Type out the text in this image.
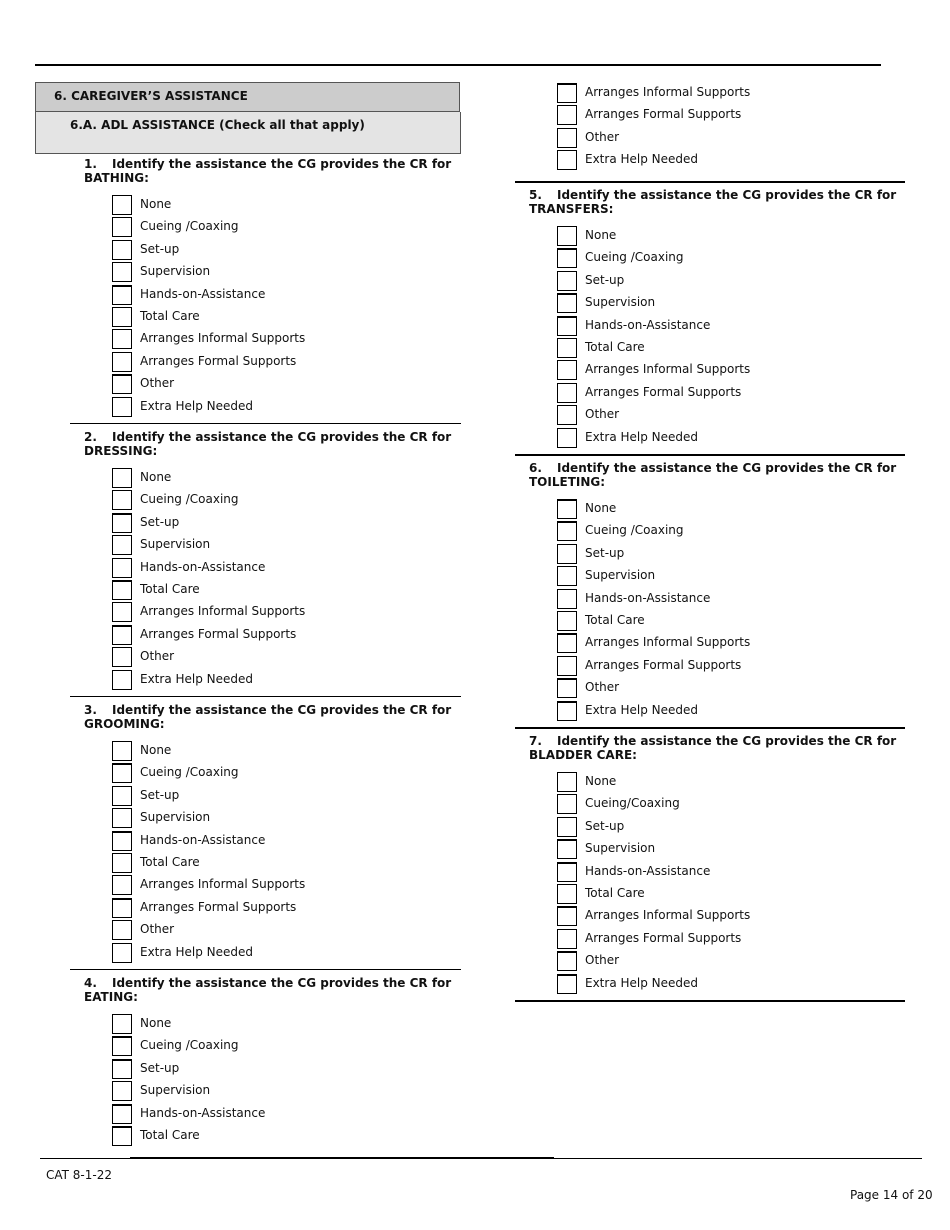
6. CAREGIVER’S ASSISTANCE
6.A. ADL ASSISTANCE (Check all that apply)
1. Identify the assistance the CG provides the CR for
BATHING:
None
Cueing /Coaxing
Set-up
Supervision
Hands-on-Assistance
Total Care
Arranges Informal Supports
Arranges Formal Supports
Other
Extra Help Needed
2. Identify the assistance the CG provides the CR for
DRESSING:
None
Cueing /Coaxing
Set-up
Supervision
Hands-on-Assistance
Total Care
Arranges Informal Supports
Arranges Formal Supports
Other
Extra Help Needed
3. Identify the assistance the CG provides the CR for
GROOMING:
None
Cueing /Coaxing
Set-up
Supervision
Hands-on-Assistance
Total Care
Arranges Informal Supports
Arranges Formal Supports
Other
Extra Help Needed
4. Identify the assistance the CG provides the CR for
EATING:
None
Cueing /Coaxing
Set-up
Supervision
Hands-on-Assistance
Total Care
Arranges Informal Supports
Arranges Formal Supports
Other
Extra Help Needed
5. Identify the assistance the CG provides the CR for
TRANSFERS:
None
Cueing /Coaxing
Set-up
Supervision
Hands-on-Assistance
Total Care
Arranges Informal Supports
Arranges Formal Supports
Other
Extra Help Needed
6. Identify the assistance the CG provides the CR for
TOILETING:
None
Cueing /Coaxing
Set-up
Supervision
Hands-on-Assistance
Total Care
Arranges Informal Supports
Arranges Formal Supports
Other
Extra Help Needed
7. Identify the assistance the CG provides the CR for
BLADDER CARE:
None
Cueing/Coaxing
Set-up
Supervision
Hands-on-Assistance
Total Care
Arranges Informal Supports
Arranges Formal Supports
Other
Extra Help Needed
CAT 8-1-22
Page 14 of 20
